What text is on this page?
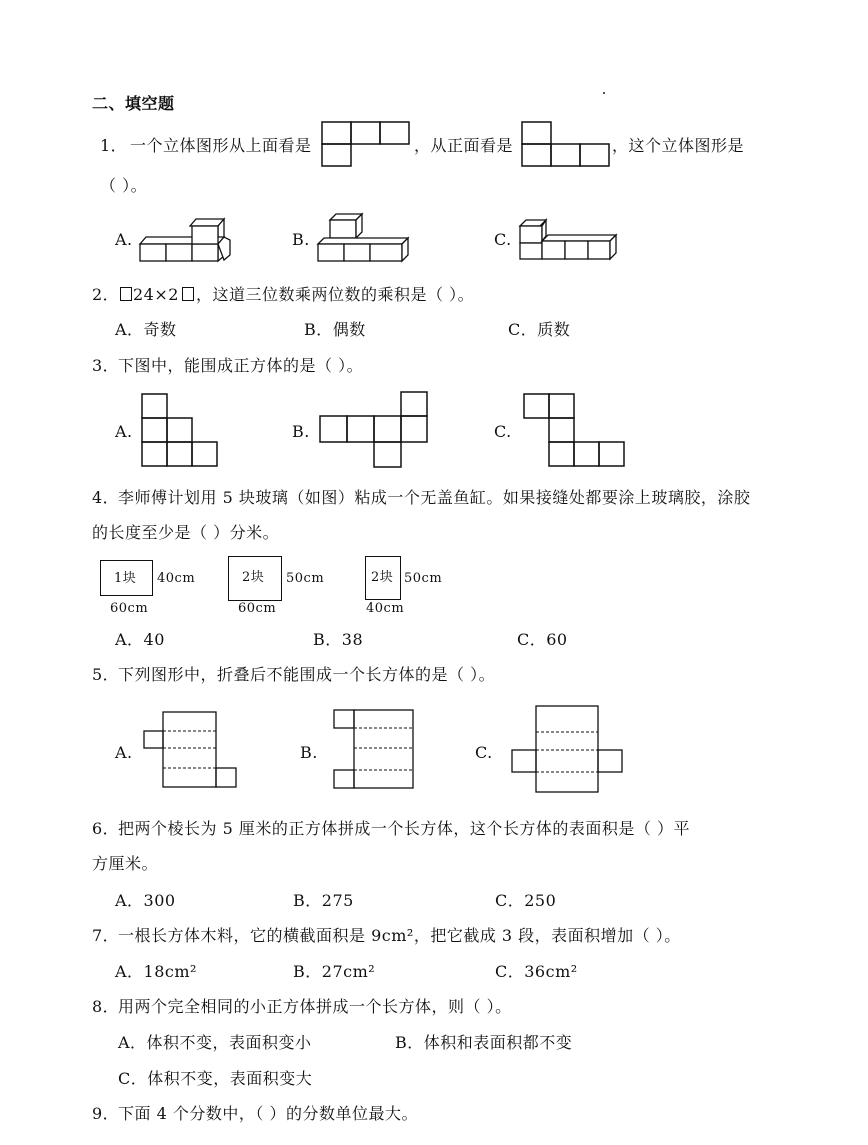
二、填空题
1． 一个立体图形从上面看是	，从正面看是	，这个立体图形是
（ ）。
A.	B.	C.
2． 24×2 ，这道三位数乘两位数的乘积是（ ）。
A．奇数	B．偶数	C．质数
3．
下图中，能围成正方体的是（ ）。
A.	B.	C.
4．
李师傅计划用 5 块玻璃（如图）粘成一个无盖鱼缸。如果接缝处都要涂上玻璃胶，涂胶
的长度至少是（ ）分米。
1块 40cm
60cm
2块 50cm
60cm
2块 50cm
40cm
A．40	B．38	C．60
5．
下列图形中，折叠后不能围成一个长方体的是（ ）。
A.	B.	C.
6．
把两个棱长为 5 厘米的正方体拼成一个长方体，这个长方体的表面积是（ ）平
方厘米。
A．300	B．275	C．250
7．
一根长方体木料，它的横截面积是 9cm²，把它截成 3 段，表面积增加（ ）。
A．18cm²	B．27cm²	C．36cm²
8．
用两个完全相同的小正方体拼成一个长方体，则（ ）。
A．体积不变，表面积变小	B．体积和表面积都不变
C．体积不变，表面积变大
9．
下面 4 个分数中，（ ）的分数单位最大。
